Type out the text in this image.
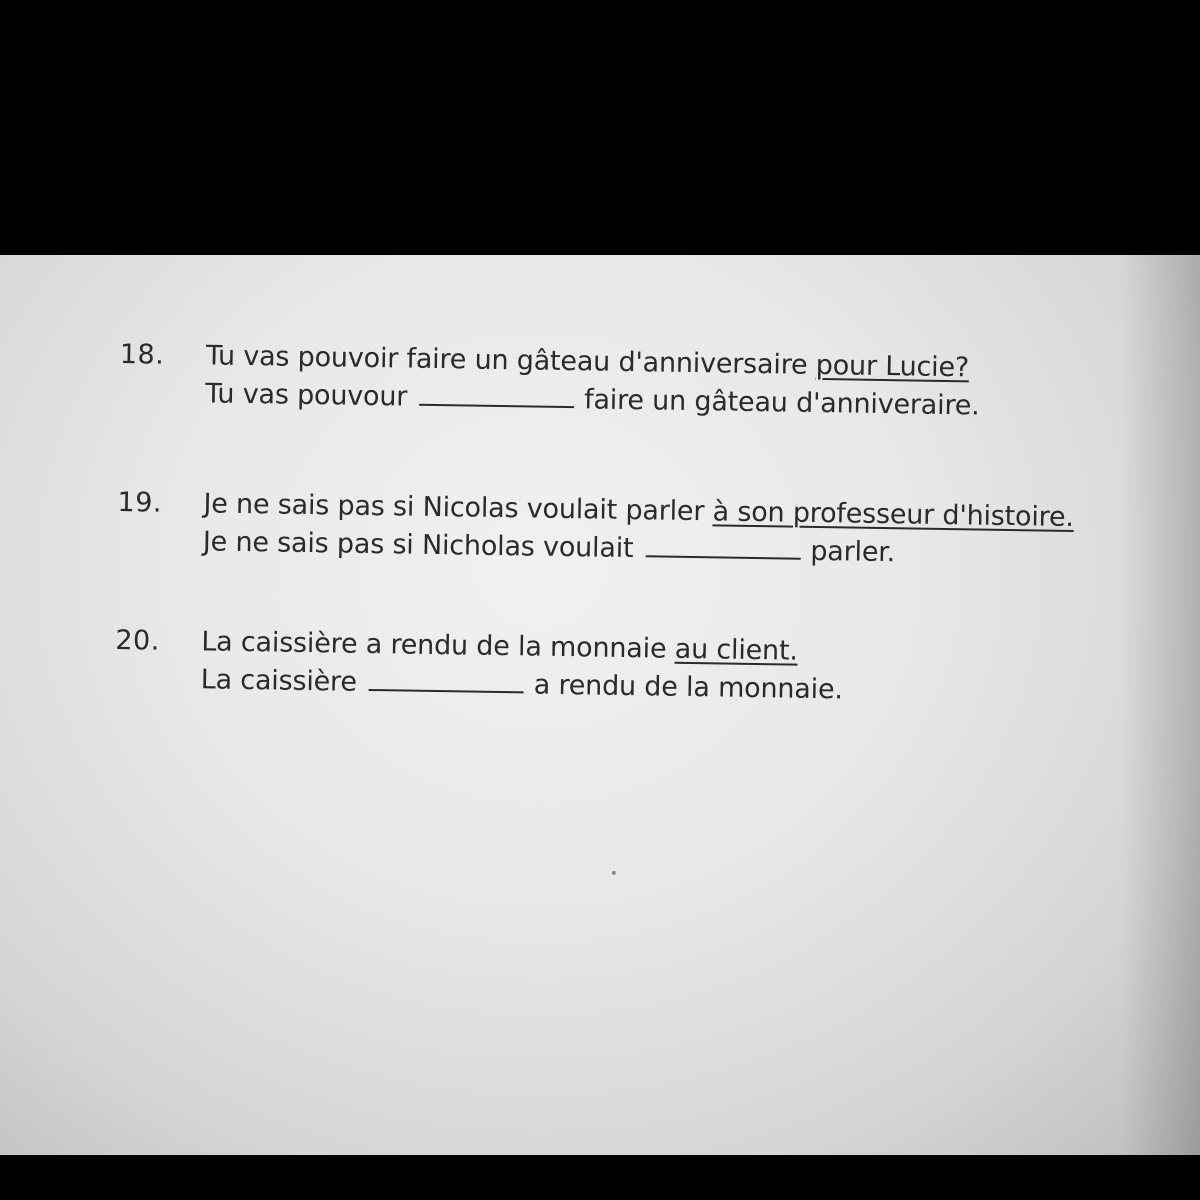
18. Tu vas pouvoir faire un gâteau d'anniversaire pour Lucie?
Tu vas pouvour	faire un gâteau d'anniveraire.
19. Je ne sais pas si Nicolas voulait parler à son professeur d'histoire.
Je ne sais pas si Nicholas voulait	parler.
20. La caissière a rendu de la monnaie au client.
La caissière	a rendu de la monnaie.
